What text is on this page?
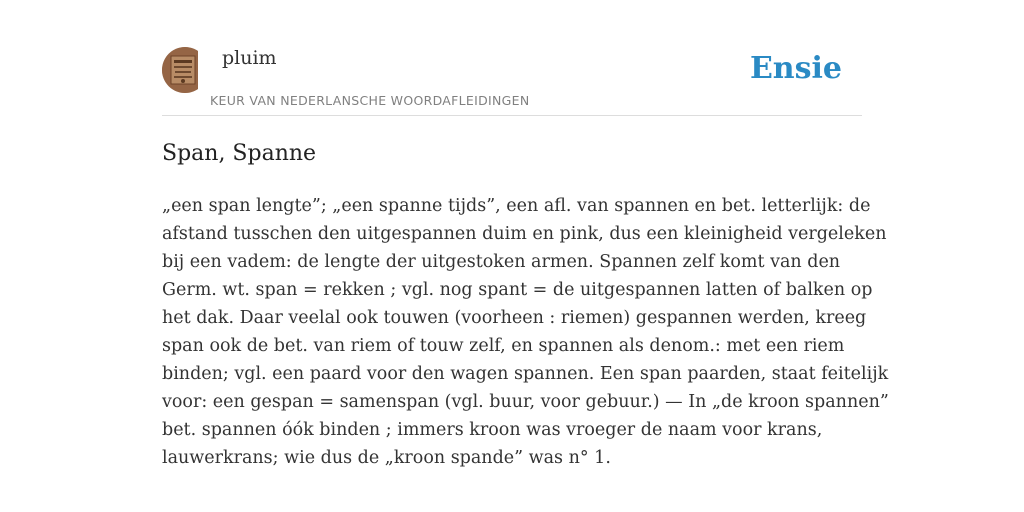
pluim
KEUR VAN NEDERLANSCHE WOORDAFLEIDINGEN
Ensie
Span, Spanne

„een span lengte”; „een spanne tijds”, een afl. van spannen en bet. letterlijk: de
afstand tusschen den uitgespannen duim en pink, dus een kleinigheid vergeleken
bij een vadem: de lengte der uitgestoken armen. Spannen zelf komt van den
Germ. wt. span = rekken ; vgl. nog spant = de uitgespannen latten of balken op
het dak. Daar veelal ook touwen (voorheen : riemen) gespannen werden, kreeg
span ook de bet. van riem of touw zelf, en spannen als denom.: met een riem
binden; vgl. een paard voor den wagen spannen. Een span paarden, staat feitelijk
voor: een gespan = samenspan (vgl. buur, voor gebuur.) — In „de kroon spannen”
bet. spannen óók binden ; immers kroon was vroeger de naam voor krans,
lauwerkrans; wie dus de „kroon spande” was n° 1.
